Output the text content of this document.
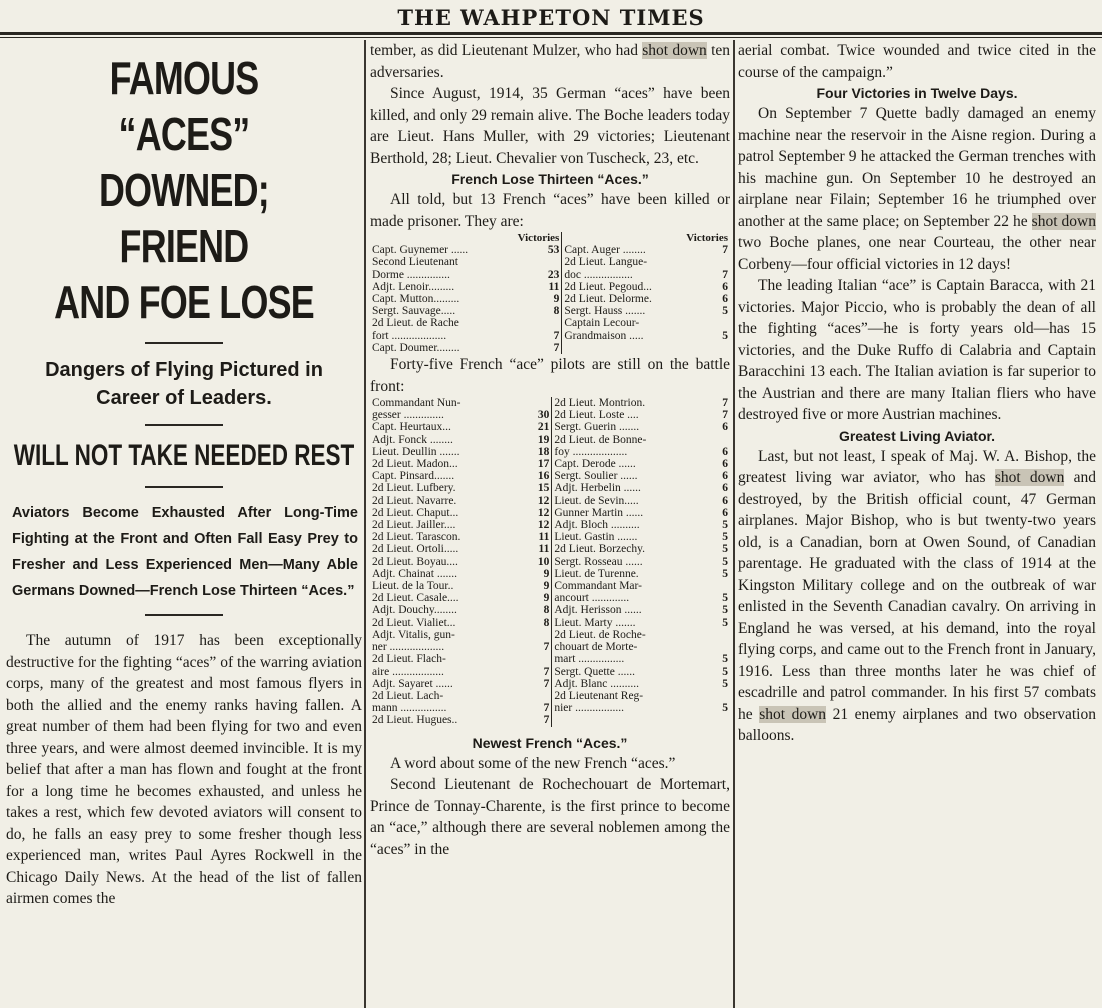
THE WAHPETON TIMES
FAMOUS “ACES”
DOWNED; FRIEND
AND FOE LOSE
Dangers of Flying Pictured in
Career of Leaders.
WILL NOT TAKE NEEDED REST
Aviators Become Exhausted After Long-Time Fighting at the Front and Often Fall Easy Prey to Fresher and Less Experienced Men—Many Able Germans Downed—French Lose Thirteen “Aces.”

The autumn of 1917 has been exceptionally destructive for the fighting “aces” of the warring aviation corps, many of the greatest and most famous flyers in both the allied and the enemy ranks having fallen. A great number of them had been flying for two and even three years, and were almost deemed invincible. It is my belief that after a man has flown and fought at the front for a long time he becomes exhausted, and unless he takes a rest, which few devoted aviators will consent to do, he falls an easy prey to some fresher though less experienced man, writes Paul Ayres Rockwell in the Chicago Daily News. At the head of the list of fallen airmen comes the

tember, as did Lieutenant Mulzer, who had shot down ten adversaries.

Since August, 1914, 35 German “aces” have been killed, and only 29 remain alive. The Boche leaders today are Lieut. Hans Muller, with 29 victories; Lieutenant Berthold, 28; Lieut. Chevalier von Tuscheck, 23, etc.

French Lose Thirteen “Aces.”

All told, but 13 French “aces” have been killed or made prisoner. They are:

Victories		Victories	
Capt. Guynemer ......	53	Capt. Auger ........	7
Second Lieutenant		2d Lieut. Langue-	
Dorme ...............	23	doc .................	7
Adjt. Lenoir.........	11	2d Lieut. Pegoud...	6
Capt. Mutton.........	9	2d Lieut. Delorme.	6
Sergt. Sauvage.....	8	Sergt. Hauss .......	5
2d Lieut. de Rache		Captain Lecour-	
fort ...................	7	Grandmaison .....	5
Capt. Doumer........	7		

Forty-five French “ace” pilots are still on the battle front:

Commandant Nun-		2d Lieut. Montrion.	7
gesser ..............	30	2d Lieut. Loste ....	7
Capt. Heurtaux...	21	Sergt. Guerin .......	6
Adjt. Fonck ........	19	2d Lieut. de Bonne-	
Lieut. Deullin .......	18	foy ...................	6
2d Lieut. Madon...	17	Capt. Derode ......	6
Capt. Pinsard.......	16	Sergt. Soulier ......	6
2d Lieut. Lufbery.	15	Adjt. Herbelin ......	6
2d Lieut. Navarre.	12	Lieut. de Sevin.....	6
2d Lieut. Chaput...	12	Gunner Martin ......	6
2d Lieut. Jailler....	12	Adjt. Bloch ..........	5
2d Lieut. Tarascon.	11	Lieut. Gastin .......	5
2d Lieut. Ortoli.....	11	2d Lieut. Borzechy.	5
2d Lieut. Boyau....	10	Sergt. Rosseau ......	5
Adjt. Chainat .......	9	Lieut. de Turenne.	5
Lieut. de la Tour..	9	Commandant Mar-	
2d Lieut. Casale....	9	ancourt .............	5
Adjt. Douchy........	8	Adjt. Herisson ......	5
2d Lieut. Vialiet...	8	Lieut. Marty .......	5
Adjt. Vitalis, gun-		2d Lieut. de Roche-	
ner ...................	7	chouart de Morte-	
2d Lieut. Flach-		mart ................	5
aire ..................	7	Sergt. Quette ......	5
Adjt. Sayaret ......	7	Adjt. Blanc ..........	5
2d Lieut. Lach-		2d Lieutenant Reg-	
mann ................	7	nier .................	5
2d Lieut. Hugues..	7		
Newest French “Aces.”

A word about some of the new French “aces.”

Second Lieutenant de Rochechouart de Mortemart, Prince de Tonnay-Charente, is the first prince to become an “ace,” although there are several noblemen among the “aces” in the

aerial combat. Twice wounded and twice cited in the course of the campaign.”

Four Victories in Twelve Days.

On September 7 Quette badly damaged an enemy machine near the reservoir in the Aisne region. During a patrol September 9 he attacked the German trenches with his machine gun. On September 10 he destroyed an airplane near Filain; September 16 he triumphed over another at the same place; on September 22 he shot down two Boche planes, one near Courteau, the other near Corbeny—four official victories in 12 days!

The leading Italian “ace” is Captain Baracca, with 21 victories. Major Piccio, who is probably the dean of all the fighting “aces”—he is forty years old—has 15 victories, and the Duke Ruffo di Calabria and Captain Baracchini 13 each. The Italian aviation is far superior to the Austrian and there are many Italian fliers who have destroyed five or more Austrian machines.

Greatest Living Aviator.

Last, but not least, I speak of Maj. W. A. Bishop, the greatest living war aviator, who has shot down and destroyed, by the British official count, 47 German airplanes. Major Bishop, who is but twenty-two years old, is a Canadian, born at Owen Sound, of Canadian parentage. He graduated with the class of 1914 at the Kingston Military college and on the outbreak of war enlisted in the Seventh Canadian cavalry. On arriving in England he was versed, at his demand, into the royal flying corps, and came out to the French front in January, 1916. Less than three months later he was chief of escadrille and patrol commander. In his first 57 combats he shot down 21 enemy airplanes and two observation balloons.
